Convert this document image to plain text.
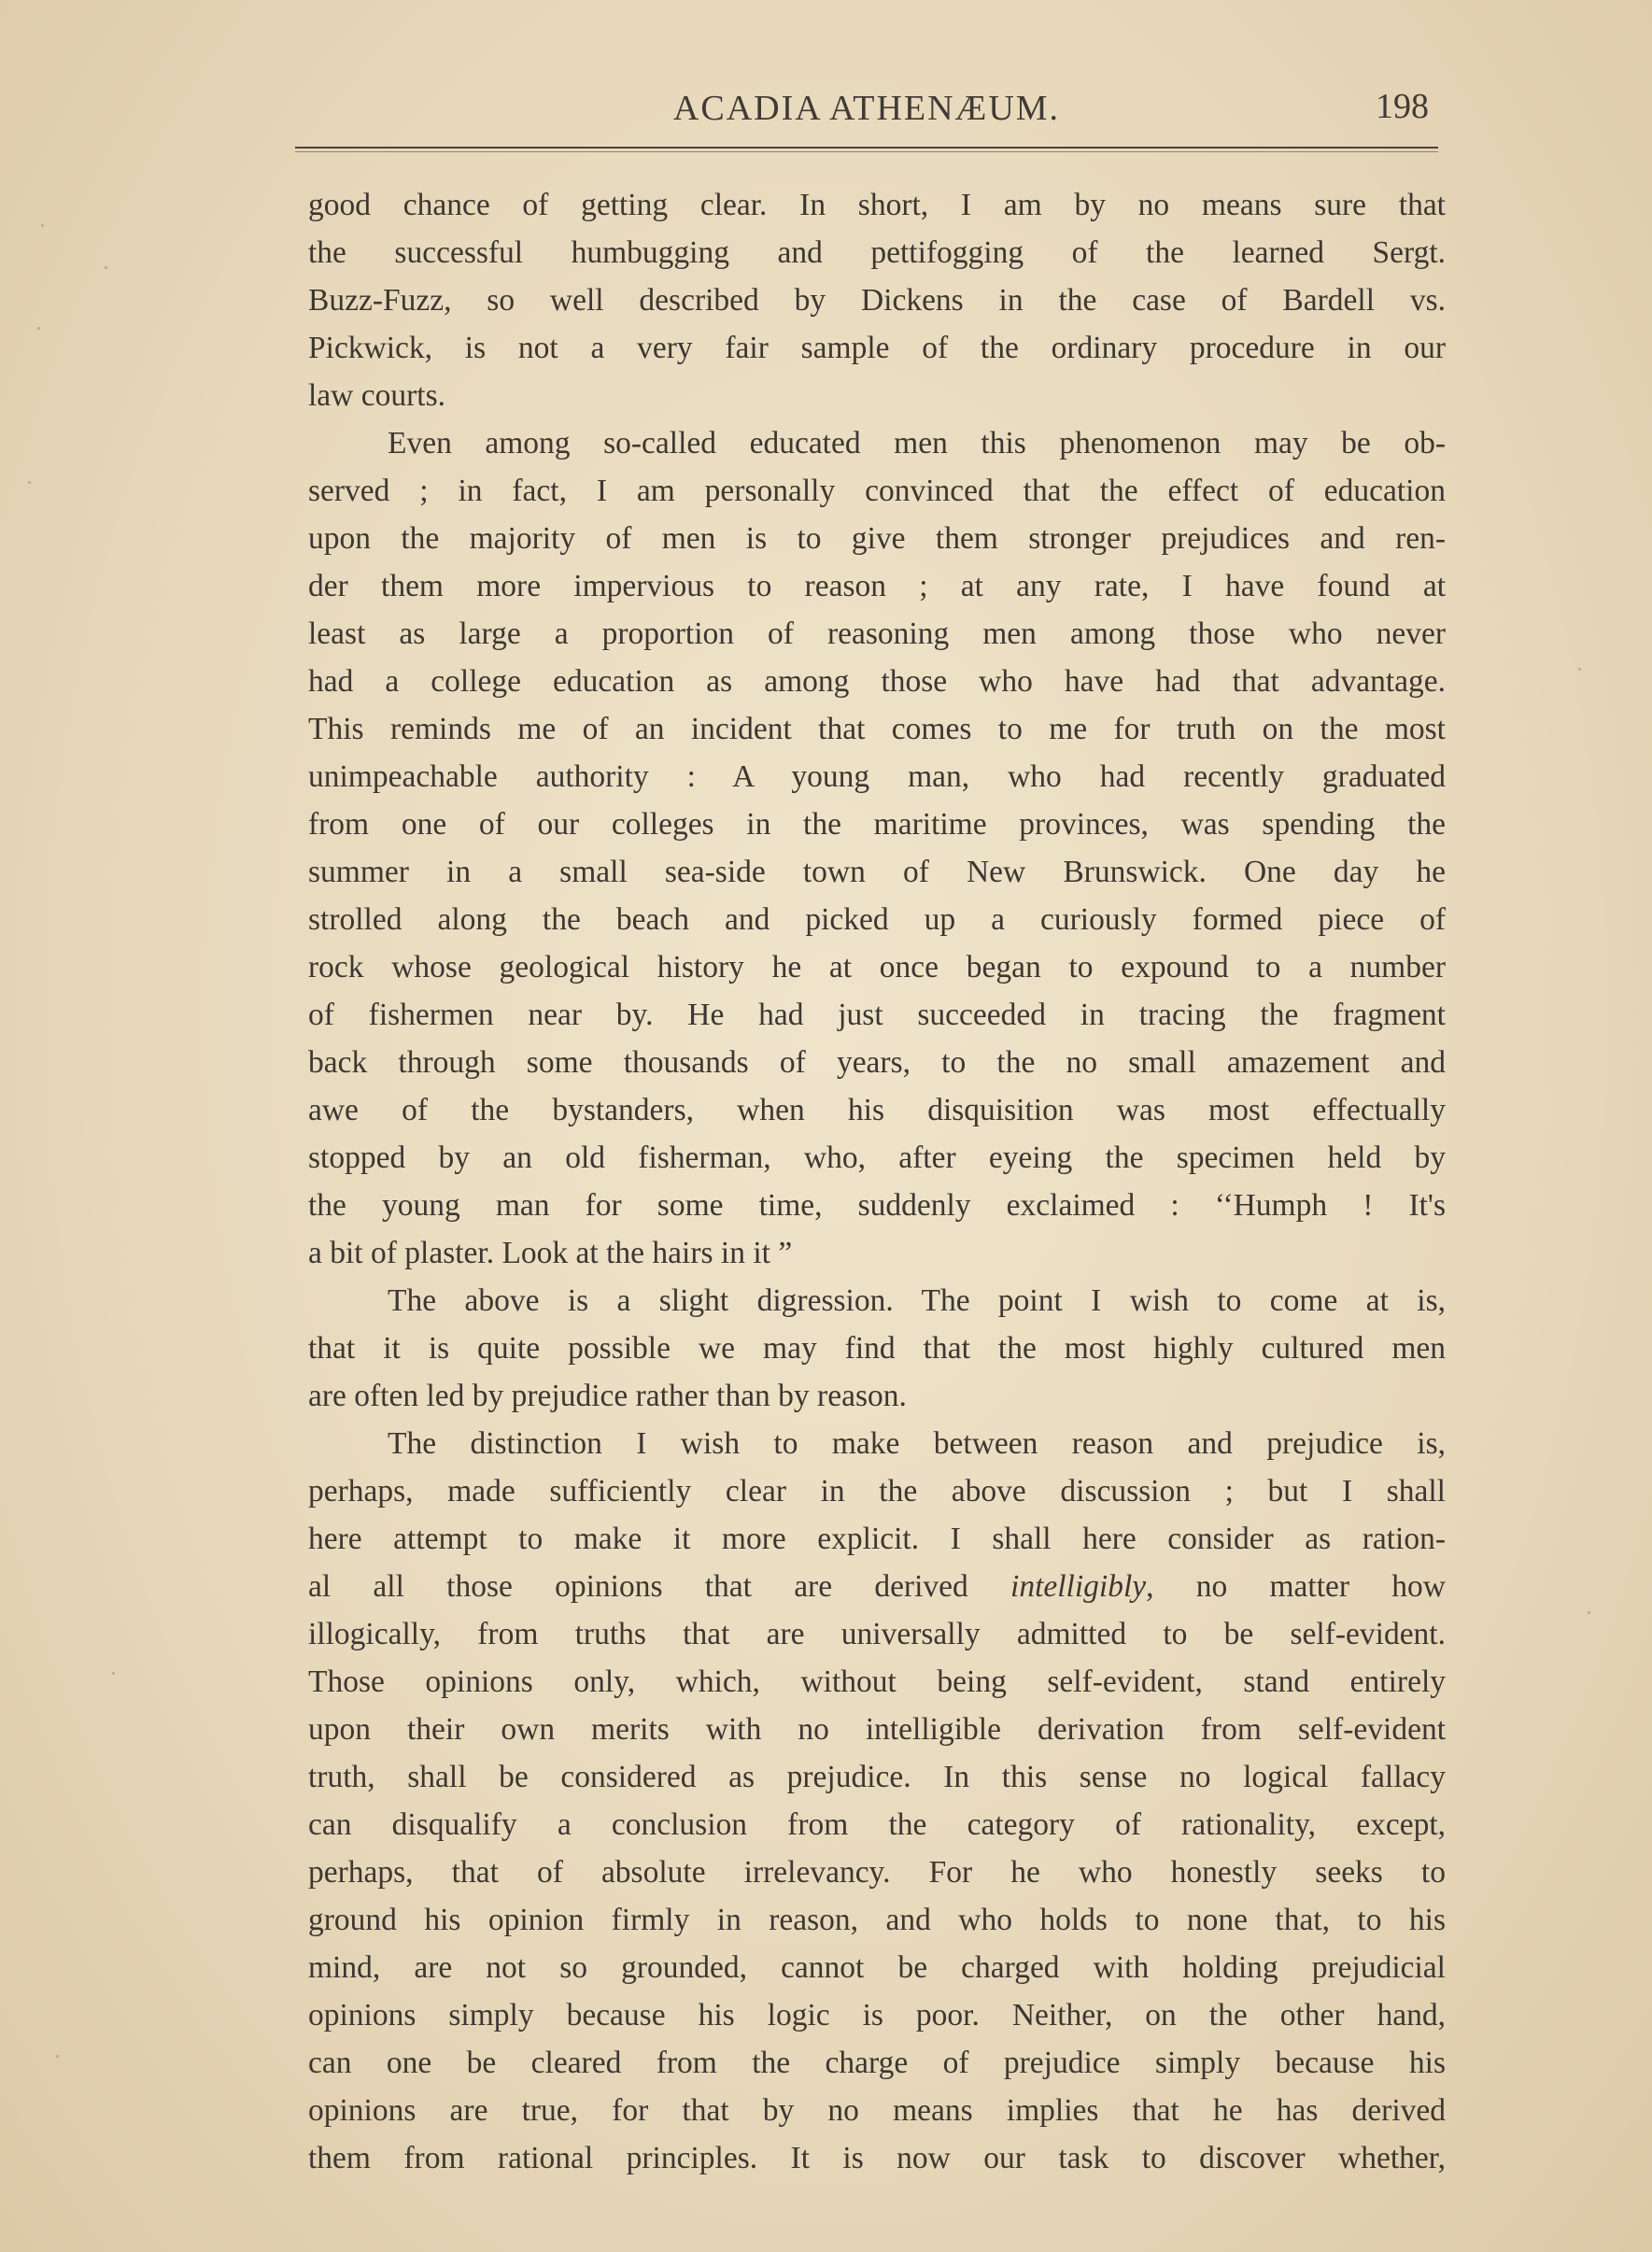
ACADIA ATHENÆUM.	198
good chance of getting clear. In short, I am by no means sure that
the successful humbugging and pettifogging of the learned Sergt.
Buzz-Fuzz, so well described by Dickens in the case of Bardell vs.
Pickwick, is not a very fair sample of the ordinary procedure in our
law courts.
Even among so-called educated men this phenomenon may be ob-
served ; in fact, I am personally convinced that the effect of education
upon the majority of men is to give them stronger prejudices and ren-
der them more impervious to reason ; at any rate, I have found at
least as large a proportion of reasoning men among those who never
had a college education as among those who have had that advantage.
This reminds me of an incident that comes to me for truth on the most
unimpeachable authority : A young man, who had recently graduated
from one of our colleges in the maritime provinces, was spending the
summer in a small sea-side town of New Brunswick. One day he
strolled along the beach and picked up a curiously formed piece of
rock whose geological history he at once began to expound to a number
of fishermen near by. He had just succeeded in tracing the fragment
back through some thousands of years, to the no small amazement and
awe of the bystanders, when his disquisition was most effectually
stopped by an old fisherman, who, after eyeing the specimen held by
the young man for some time, suddenly exclaimed : ‘‘Humph ! It's
a bit of plaster. Look at the hairs in it ”
The above is a slight digression. The point I wish to come at is,
that it is quite possible we may find that the most highly cultured men
are often led by prejudice rather than by reason.
The distinction I wish to make between reason and prejudice is,
perhaps, made sufficiently clear in the above discussion ; but I shall
here attempt to make it more explicit. I shall here consider as ration-
al all those opinions that are derived intelligibly, no matter how
illogically, from truths that are universally admitted to be self-evident.
Those opinions only, which, without being self-evident, stand entirely
upon their own merits with no intelligible derivation from self-evident
truth, shall be considered as prejudice. In this sense no logical fallacy
can disqualify a conclusion from the category of rationality, except,
perhaps, that of absolute irrelevancy. For he who honestly seeks to
ground his opinion firmly in reason, and who holds to none that, to his
mind, are not so grounded, cannot be charged with holding prejudicial
opinions simply because his logic is poor. Neither, on the other hand,
can one be cleared from the charge of prejudice simply because his
opinions are true, for that by no means implies that he has derived
them from rational principles. It is now our task to discover whether,
